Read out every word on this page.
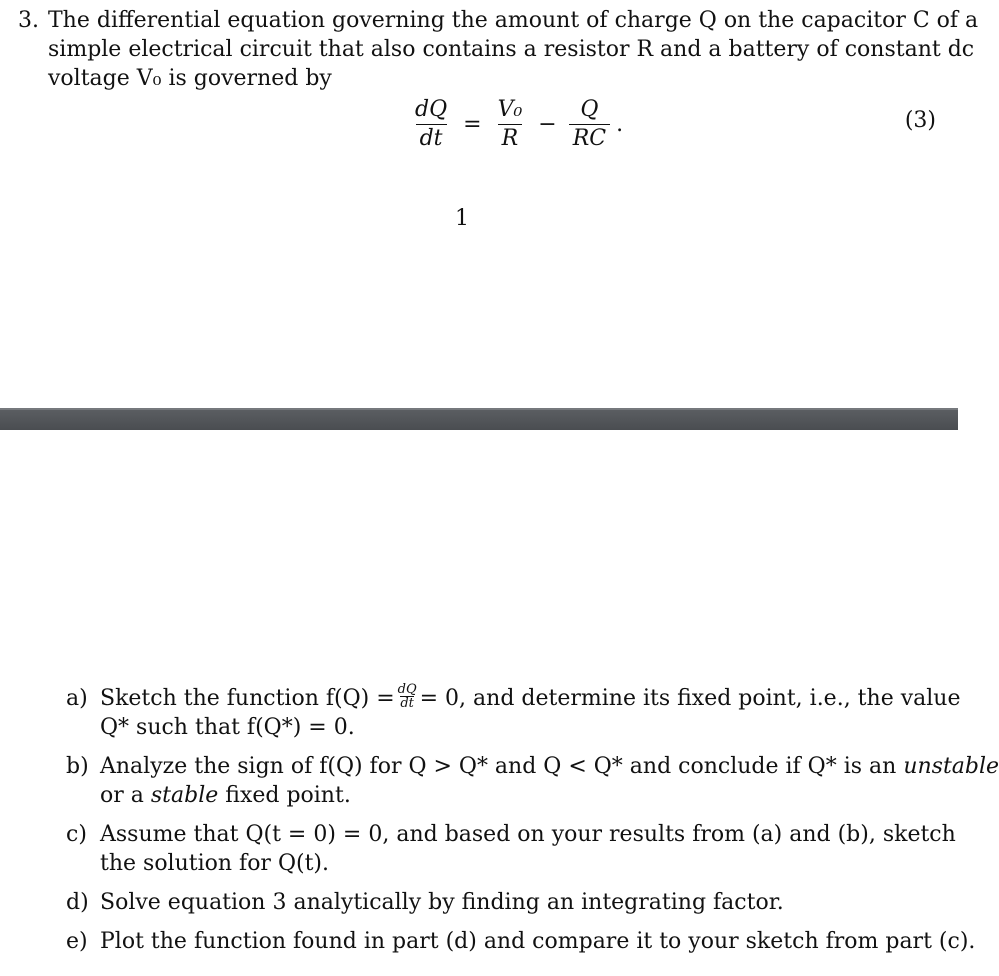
3. The differential equation governing the amount of charge Q on the capacitor C of a
simple electrical circuit that also contains a resistor R and a battery of constant dc
voltage V₀ is governed by
$\frac{dQ}{dt} = \frac{\text{V₀}}{R} - \frac{Q}{RC}$ .	(3)
1
a) Sketch the function $f(Q) = \frac{dQ}{dt} = 0$, and determine its fixed point, i.e., the value
Q* such that f(Q*) = 0.
b) Analyze the sign of f(Q) for Q > Q* and Q < Q* and conclude if Q* is an unstable
or a stable fixed point.
c) Assume that Q(t = 0) = 0, and based on your results from (a) and (b), sketch
the solution for Q(t).
d) Solve equation 3 analytically by finding an integrating factor.
e) Plot the function found in part (d) and compare it to your sketch from part (c).
